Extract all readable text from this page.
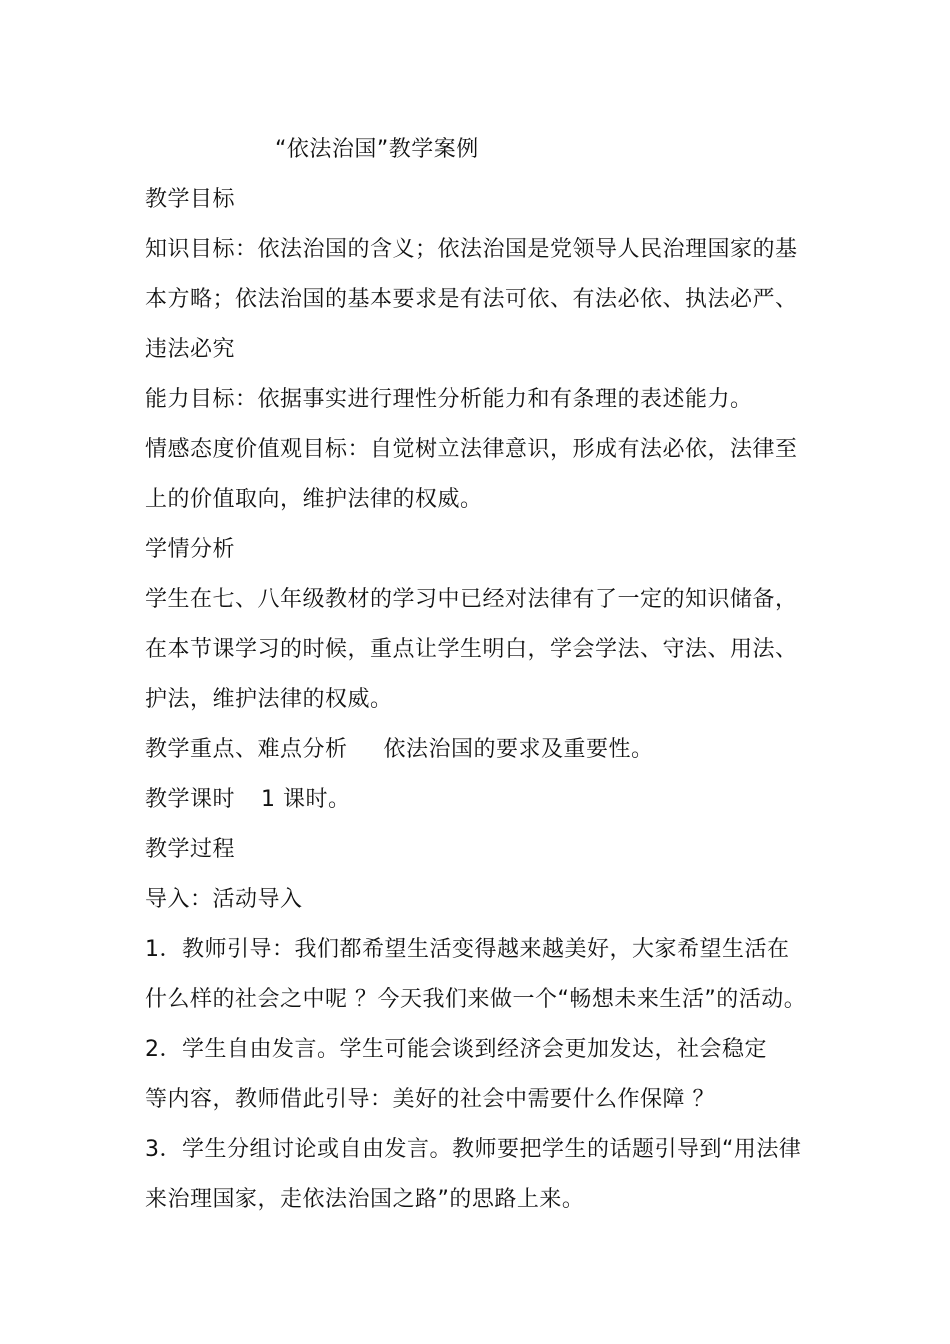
“依法治国”教学案例
教学目标
知识目标：依法治国的含义；依法治国是党领导人民治理国家的基
本方略；依法治国的基本要求是有法可依、有法必依、执法必严、
违法必究
能力目标：依据事实进行理性分析能力和有条理的表述能力。
情感态度价值观目标：自觉树立法律意识，形成有法必依，法律至
上的价值取向，维护法律的权威。
学情分析
学生在七、八年级教材的学习中已经对法律有了一定的知识储备，
在本节课学习的时候，重点让学生明白，学会学法、守法、用法、
护法，维护法律的权威。
教学重点、难点分析 依法治国的要求及重要性。
教学课时 1 课时。
教学过程
导入：活动导入
1．教师引导：我们都希望生活变得越来越美好，大家希望生活在
什么样的社会之中呢 ？今天我们来做一个“畅想未来生活”的活动。
2．学生自由发言。学生可能会谈到经济会更加发达，社会稳定
等内容，教师借此引导：美好的社会中需要什么作保障 ？
3．学生分组讨论或自由发言。教师要把学生的话题引导到“用法律
来治理国家，走依法治国之路”的思路上来。
